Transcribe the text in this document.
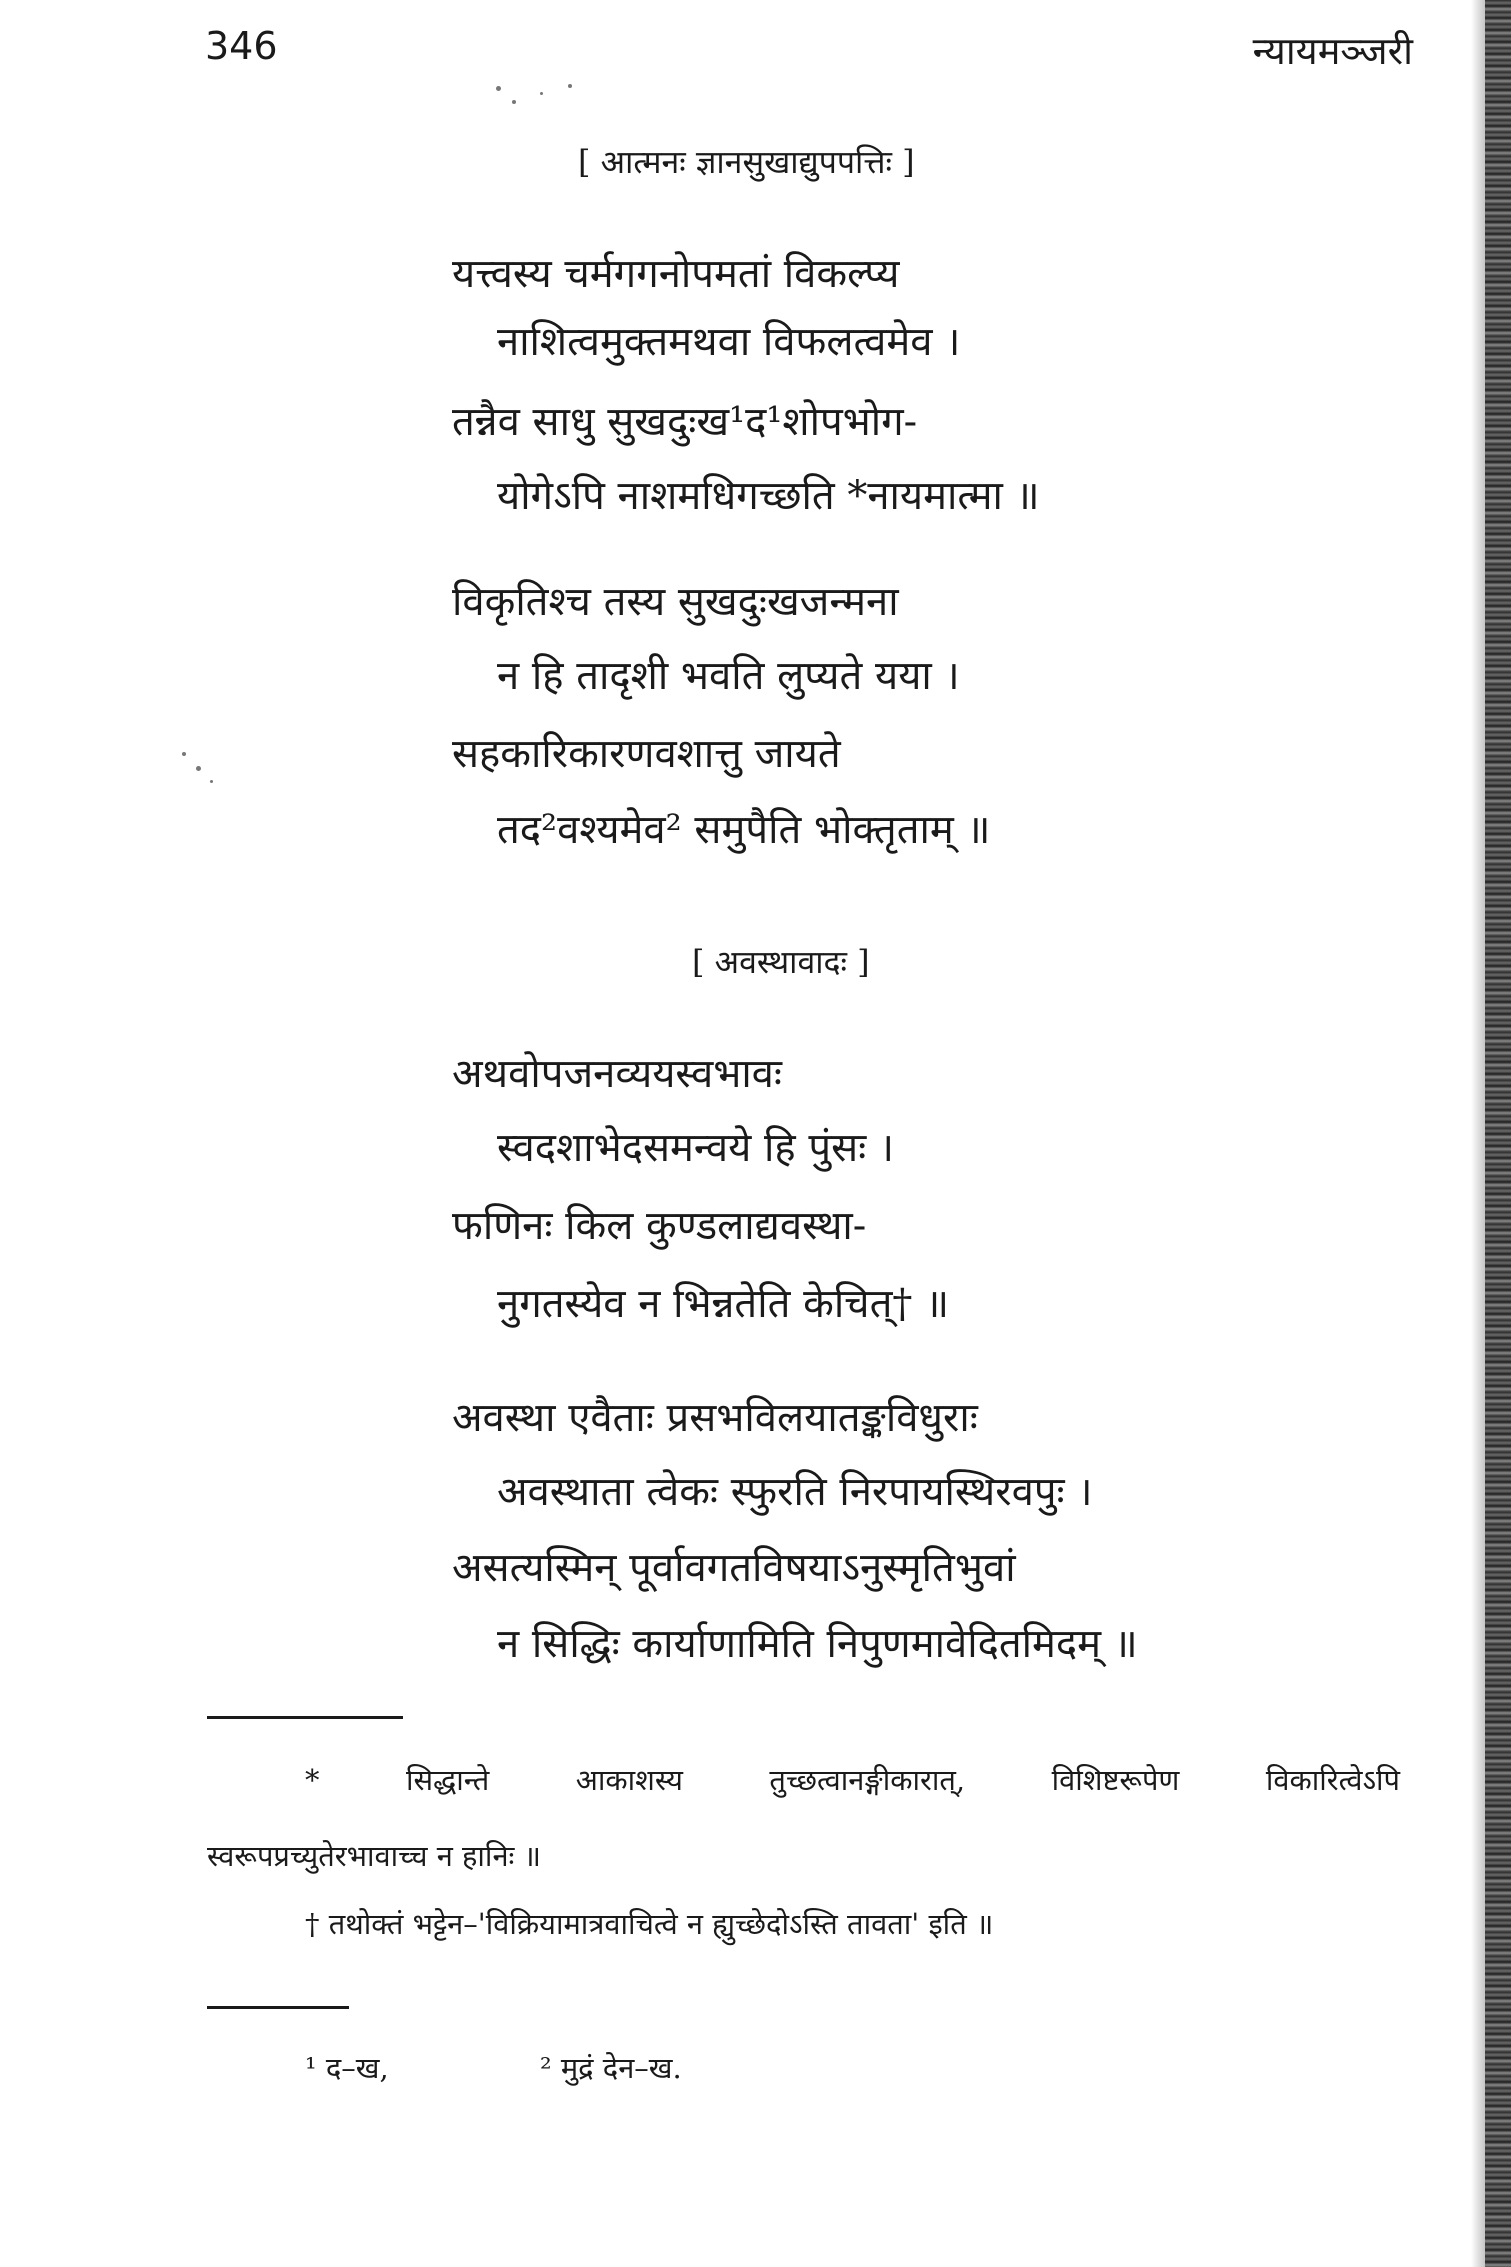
346	न्यायमञ्जरी
[ आत्मनः ज्ञानसुखाद्युपपत्तिः ]
यत्त्वस्य चर्मगगनोपमतां विकल्प्य
नाशित्वमुक्तमथवा विफलत्वमेव ।
तन्नैव साधु सुखदुःख¹द¹शोपभोग-
योगेऽपि नाशमधिगच्छति *नायमात्मा ॥
विकृतिश्च तस्य सुखदुःखजन्मना
न हि तादृशी भवति लुप्यते यया ।
सहकारिकारणवशात्तु जायते
तद²वश्यमेव² समुपैति भोक्तृताम् ॥
[ अवस्थावादः ]
अथवोपजनव्ययस्वभावः
स्वदशाभेदसमन्वये हि पुंसः ।
फणिनः किल कुण्डलाद्यवस्था-
नुगतस्येव न भिन्नतेति केचित्† ॥
अवस्था एवैताः प्रसभविलयातङ्कविधुराः
अवस्थाता त्वेकः स्फुरति निरपायस्थिरवपुः ।
असत्यस्मिन् पूर्वावगतविषयाऽनुस्मृतिभुवां
न सिद्धिः कार्याणामिति निपुणमावेदितमिदम् ॥
* सिद्धान्ते आकाशस्य तुच्छत्वानङ्गीकारात्, विशिष्टरूपेण विकारित्वेऽपि
स्वरूपप्रच्युतेरभावाच्च न हानिः ॥
† तथोक्तं भट्टेन–'विक्रियामात्रवाचित्वे न ह्युच्छेदोऽस्ति तावता' इति ॥
¹ द–ख,	² मुद्रं देन–ख.
